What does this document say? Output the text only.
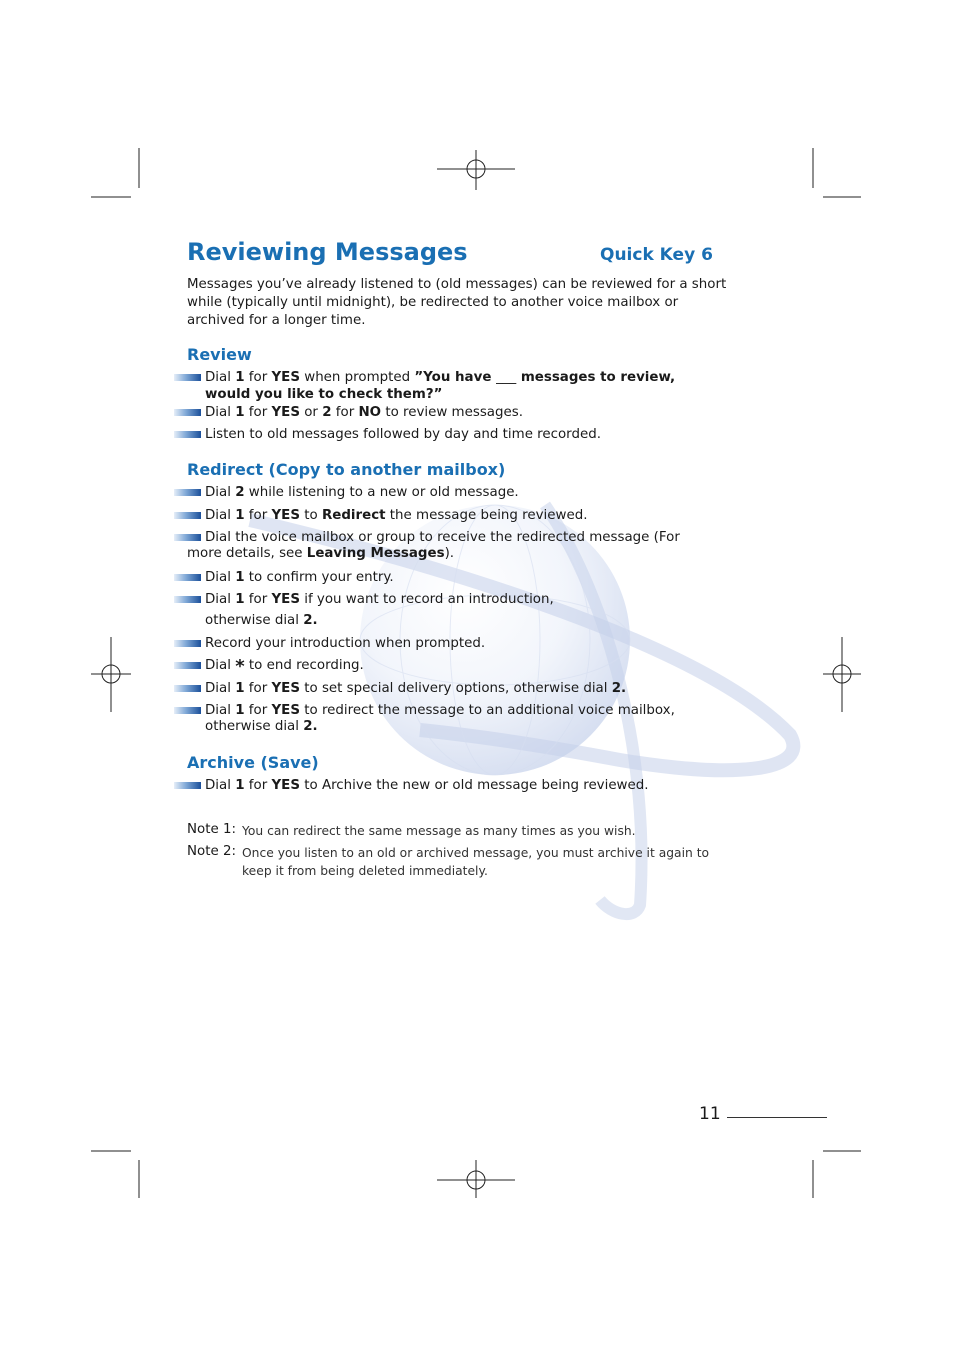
Reviewing Messages	Quick Key 6
Messages you’ve already listened to (old messages) can be reviewed for a short while (typically until midnight), be redirected to another voice mailbox or archived for a longer time.
Review
Dial 1 for YES when prompted ”You have ___ messages to review,
would you like to check them?”
Dial 1 for YES or 2 for NO to review messages.
Listen to old messages followed by day and time recorded.
Redirect (Copy to another mailbox)
Dial 2 while listening to a new or old message.
Dial 1 for YES to Redirect the message being reviewed.
Dial the voice mailbox or group to receive the redirected message (For
more details, see Leaving Messages).
Dial 1 to confirm your entry.
Dial 1 for YES if you want to record an introduction,
otherwise dial 2.
Record your introduction when prompted.
Dial * to end recording.
Dial 1 for YES to set special delivery options, otherwise dial 2.
Dial 1 for YES to redirect the message to an additional voice mailbox,
otherwise dial 2.
Archive (Save)
Dial 1 for YES to Archive the new or old message being reviewed.
Note 1: You can redirect the same message as many times as you wish.
Note 2: Once you listen to an old or archived message, you must archive it again to keep it from being deleted immediately.
11
